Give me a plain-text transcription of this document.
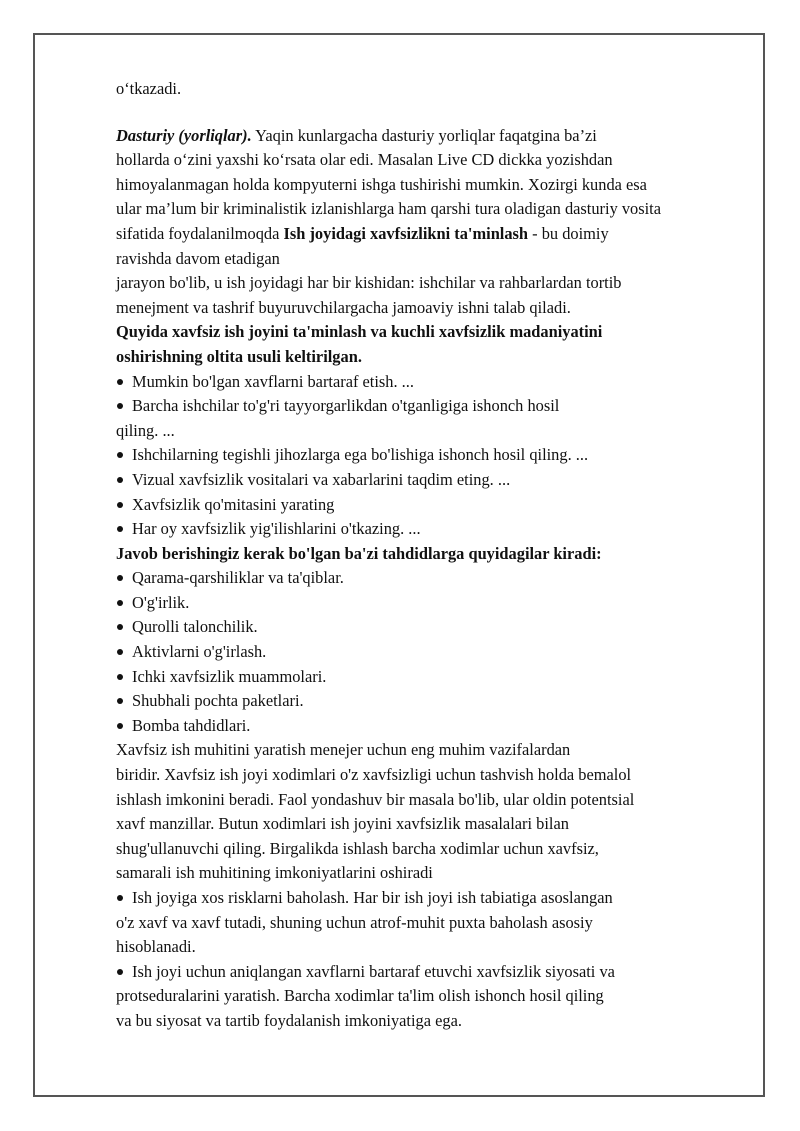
o‘tkazadi.

Dasturiy (yorliqlar). Yaqin kunlargacha dasturiy yorliqlar faqatgina ba’zi

hollarda o‘zini yaxshi ko‘rsata olar edi. Masalan Live CD dickka yozishdan

himoyalanmagan holda kompyuterni ishga tushirishi mumkin. Xozirgi kunda esa

ular ma’lum bir kriminalistik izlanishlarga ham qarshi tura oladigan dasturiy vosita

sifatida foydalanilmoqda Ish joyidagi xavfsizlikni ta'minlash - bu doimiy

ravishda davom etadigan

jarayon bo'lib, u ish joyidagi har bir kishidan: ishchilar va rahbarlardan tortib

menejment va tashrif buyuruvchilargacha jamoaviy ishni talab qiladi.

Quyida xavfsiz ish joyini ta'minlash va kuchli xavfsizlik madaniyatini

oshirishning oltita usuli keltirilgan.

Mumkin bo'lgan xavflarni bartaraf etish. ...
Barcha ishchilar to'g'ri tayyorgarlikdan o'tganligiga ishonch hosil
qiling. ...
Ishchilarning tegishli jihozlarga ega bo'lishiga ishonch hosil qiling. ...
Vizual xavfsizlik vositalari va xabarlarini taqdim eting. ...
Xavfsizlik qo'mitasini yarating
Har oy xavfsizlik yig'ilishlarini o'tkazing. ...

Javob berishingiz kerak bo'lgan ba'zi tahdidlarga quyidagilar kiradi:

Qarama-qarshiliklar va ta'qiblar.
O'g'irlik.
Qurolli talonchilik.
Aktivlarni o'g'irlash.
Ichki xavfsizlik muammolari.
Shubhali pochta paketlari.
Bomba tahdidlari.

Xavfsiz ish muhitini yaratish menejer uchun eng muhim vazifalardan

biridir. Xavfsiz ish joyi xodimlari o'z xavfsizligi uchun tashvish holda bemalol

ishlash imkonini beradi. Faol yondashuv bir masala bo'lib, ular oldin potentsial

xavf manzillar. Butun xodimlari ish joyini xavfsizlik masalalari bilan

shug'ullanuvchi qiling. Birgalikda ishlash barcha xodimlar uchun xavfsiz,

samarali ish muhitining imkoniyatlarini oshiradi

Ish joyiga xos risklarni baholash. Har bir ish joyi ish tabiatiga asoslangan

o'z xavf va xavf tutadi, shuning uchun atrof-muhit puxta baholash asosiy

hisoblanadi.

Ish joyi uchun aniqlangan xavflarni bartaraf etuvchi xavfsizlik siyosati va

protseduralarini yaratish. Barcha xodimlar ta'lim olish ishonch hosil qiling

va bu siyosat va tartib foydalanish imkoniyatiga ega.
